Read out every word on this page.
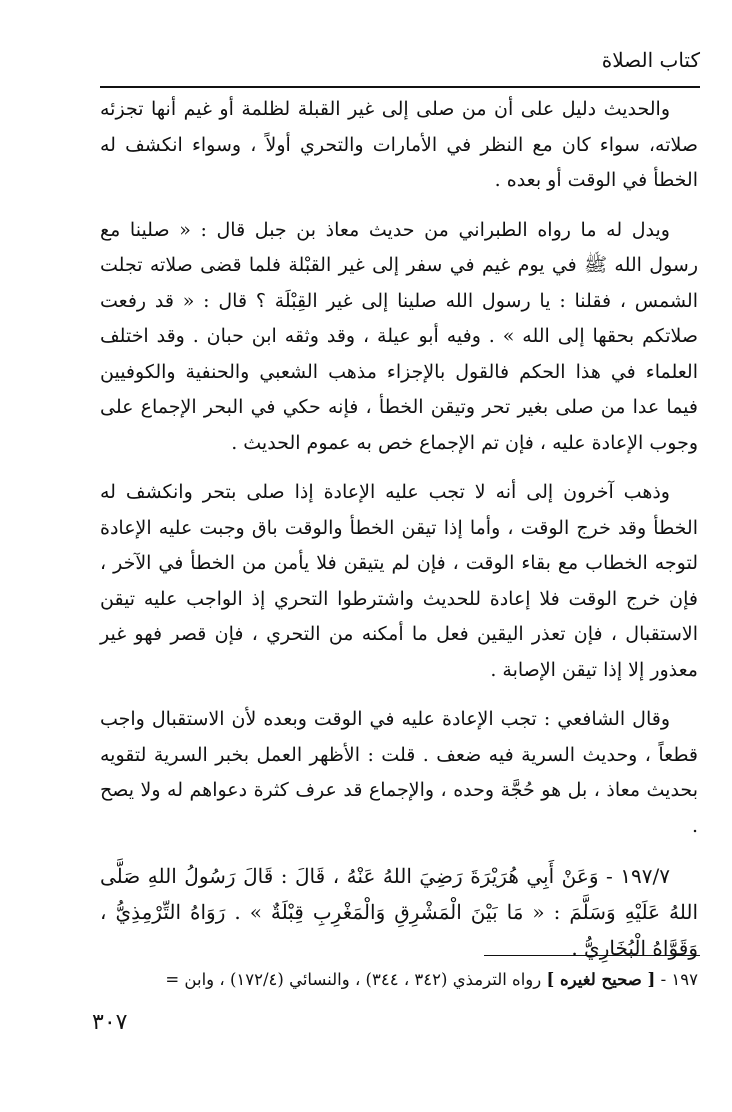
كتاب الصلاة

والحديث دليل على أن من صلى إلى غير القبلة لظلمة أو غيم أنها تجزئه صلاته، سواء كان مع النظر في الأمارات والتحري أولاً ، وسواء انكشف له الخطأ في الوقت أو بعده .

ويدل له ما رواه الطبراني من حديث معاذ بن جبل قال : « صلينا مع رسول الله ﷺ في يوم غيم في سفر إلى غير القبْلة فلما قضى صلاته تجلت الشمس ، فقلنا : يا رسول الله صلينا إلى غير القِبْلَة ؟ قال : « قد رفعت صلاتكم بحقها إلى الله » . وفيه أبو عيلة ، وقد وثقه ابن حبان . وقد اختلف العلماء في هذا الحكم فالقول بالإجزاء مذهب الشعبي والحنفية والكوفيين فيما عدا من صلى بغير تحر وتيقن الخطأ ، فإنه حكي في البحر الإجماع على وجوب الإعادة عليه ، فإن تم الإجماع خص به عموم الحديث .

وذهب آخرون إلى أنه لا تجب عليه الإعادة إذا صلى بتحر وانكشف له الخطأ وقد خرج الوقت ، وأما إذا تيقن الخطأ والوقت باق وجبت عليه الإعادة لتوجه الخطاب مع بقاء الوقت ، فإن لم يتيقن فلا يأمن من الخطأ في الآخر ، فإن خرج الوقت فلا إعادة للحديث واشترطوا التحري إذ الواجب عليه تيقن الاستقبال ، فإن تعذر اليقين فعل ما أمكنه من التحري ، فإن قصر فهو غير معذور إلا إذا تيقن الإصابة .

وقال الشافعي : تجب الإعادة عليه في الوقت وبعده لأن الاستقبال واجب قطعاً ، وحديث السرية فيه ضعف . قلت : الأظهر العمل بخبر السرية لتقويه بحديث معاذ ، بل هو حُجَّة وحده ، والإجماع قد عرف كثرة دعواهم له ولا يصح .

١٩٧/٧ - وَعَنْ أَبِي هُرَيْرَةَ رَضِيَ اللهُ عَنْهُ ، قَالَ : قَالَ رَسُولُ اللهِ صَلَّى اللهُ عَلَيْهِ وَسَلَّمَ : « مَا بَيْنَ الْمَشْرِقِ وَالْمَغْرِبِ قِبْلَةٌ » . رَوَاهُ التِّرْمِذِيُّ ، وَقَوَّاهُ الْبُخَارِيُّ .

١٩٧ - [ صحيح لغيره ] رواه الترمذي (٣٤٢ ، ٣٤٤) ، والنسائي (١٧٢/٤) ، وابن =
٣٠٧
